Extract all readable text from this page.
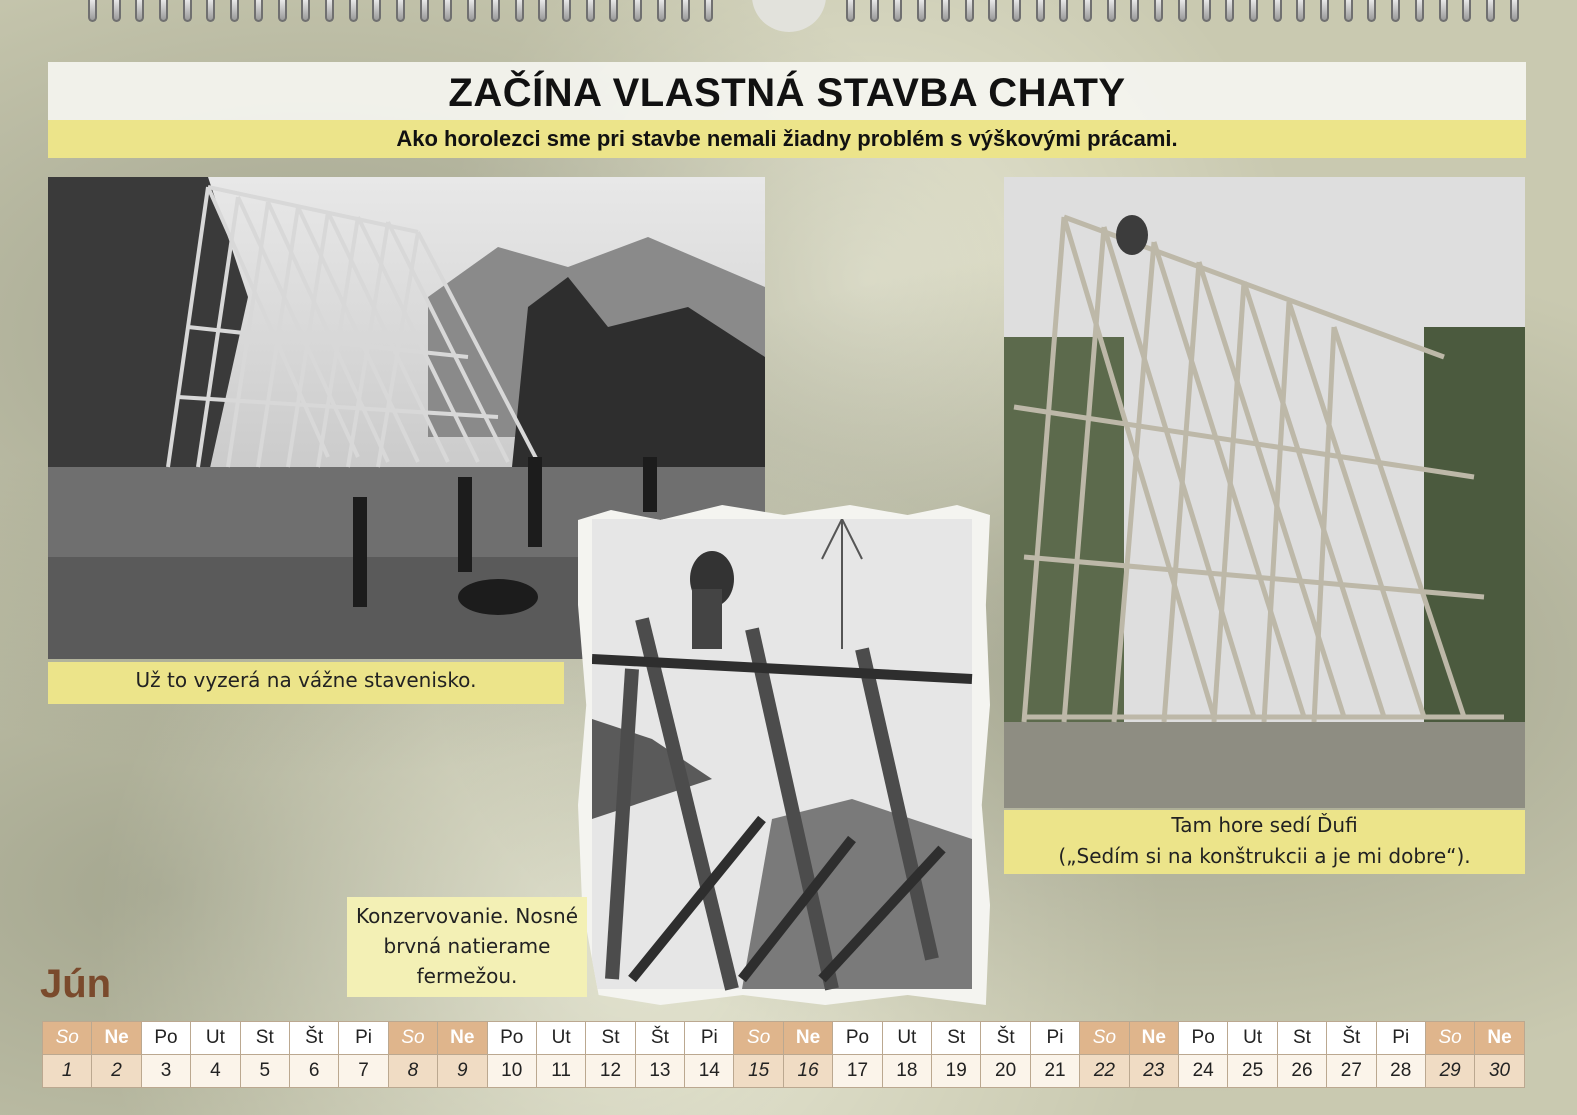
ZAČÍNA VLASTNÁ STAVBA CHATY
Ako horolezci sme pri stavbe nemali žiadny problém s výškovými prácami.
Už to vyzerá na vážne stavenisko.
Tam hore sedí Ďufi
(„Sedím si na konštrukcii a je mi dobre“).
Konzervovanie. Nosné brvná natierame fermežou.
Jún
So	Ne	Po	Ut	St	Št	Pi	So	Ne	Po	Ut	St	Št	Pi	So	Ne	Po	Ut	St	Št	Pi	So	Ne	Po	Ut	St	Št	Pi	So	Ne
1	2	3	4	5	6	7	8	9	10	11	12	13	14	15	16	17	18	19	20	21	22	23	24	25	26	27	28	29	30
